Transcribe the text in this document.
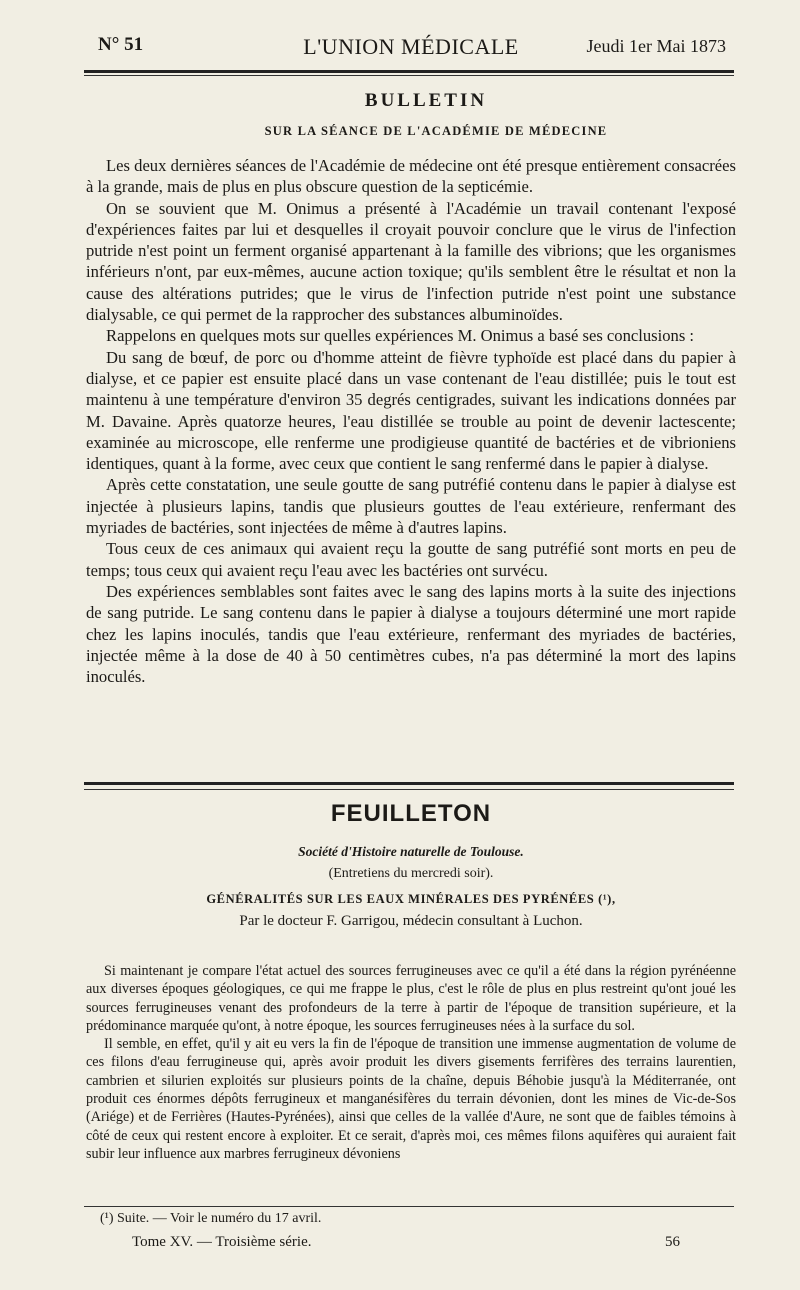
N° 51	L'UNION MÉDICALE	Jeudi 1er Mai 1873
BULLETIN
SUR LA SÉANCE DE L'ACADÉMIE DE MÉDECINE

Les deux dernières séances de l'Académie de médecine ont été presque entièrement consacrées à la grande, mais de plus en plus obscure question de la septicémie.

On se souvient que M. Onimus a présenté à l'Académie un travail contenant l'exposé d'expériences faites par lui et desquelles il croyait pouvoir conclure que le virus de l'infection putride n'est point un ferment organisé appartenant à la famille des vibrions; que les organismes inférieurs n'ont, par eux-mêmes, aucune action toxique; qu'ils semblent être le résultat et non la cause des altérations putrides; que le virus de l'infection putride n'est point une substance dialysable, ce qui permet de la rapprocher des substances albuminoïdes.

Rappelons en quelques mots sur quelles expériences M. Onimus a basé ses conclusions :

Du sang de bœuf, de porc ou d'homme atteint de fièvre typhoïde est placé dans du papier à dialyse, et ce papier est ensuite placé dans un vase contenant de l'eau distillée; puis le tout est maintenu à une température d'environ 35 degrés centigrades, suivant les indications données par M. Davaine. Après quatorze heures, l'eau distillée se trouble au point de devenir lactescente; examinée au microscope, elle renferme une prodigieuse quantité de bactéries et de vibrioniens identiques, quant à la forme, avec ceux que contient le sang renfermé dans le papier à dialyse.

Après cette constatation, une seule goutte de sang putréfié contenu dans le papier à dialyse est injectée à plusieurs lapins, tandis que plusieurs gouttes de l'eau extérieure, renfermant des myriades de bactéries, sont injectées de même à d'autres lapins.

Tous ceux de ces animaux qui avaient reçu la goutte de sang putréfié sont morts en peu de temps; tous ceux qui avaient reçu l'eau avec les bactéries ont survécu.

Des expériences semblables sont faites avec le sang des lapins morts à la suite des injections de sang putride. Le sang contenu dans le papier à dialyse a toujours déterminé une mort rapide chez les lapins inoculés, tandis que l'eau extérieure, renfermant des myriades de bactéries, injectée même à la dose de 40 à 50 centimètres cubes, n'a pas déterminé la mort des lapins inoculés.

FEUILLETON
Société d'Histoire naturelle de Toulouse.
(Entretiens du mercredi soir).
GÉNÉRALITÉS SUR LES EAUX MINÉRALES DES PYRÉNÉES (¹),
Par le docteur F. Garrigou, médecin consultant à Luchon.

Si maintenant je compare l'état actuel des sources ferrugineuses avec ce qu'il a été dans la région pyrénéenne aux diverses époques géologiques, ce qui me frappe le plus, c'est le rôle de plus en plus restreint qu'ont joué les sources ferrugineuses venant des profondeurs de la terre à partir de l'époque de transition supérieure, et la prédominance marquée qu'ont, à notre époque, les sources ferrugineuses nées à la surface du sol.

Il semble, en effet, qu'il y ait eu vers la fin de l'époque de transition une immense augmentation de volume de ces filons d'eau ferrugineuse qui, après avoir produit les divers gisements ferrifères des terrains laurentien, cambrien et silurien exploités sur plusieurs points de la chaîne, depuis Béhobie jusqu'à la Méditerranée, ont produit ces énormes dépôts ferrugineux et manganésifères du terrain dévonien, dont les mines de Vic-de-Sos (Ariége) et de Ferrières (Hautes-Pyrénées), ainsi que celles de la vallée d'Aure, ne sont que de faibles témoins à côté de ceux qui restent encore à exploiter. Et ce serait, d'après moi, ces mêmes filons aquifères qui auraient fait subir leur influence aux marbres ferrugineux dévoniens

(¹) Suite. — Voir le numéro du 17 avril.
Tome XV. — Troisième série.	56
